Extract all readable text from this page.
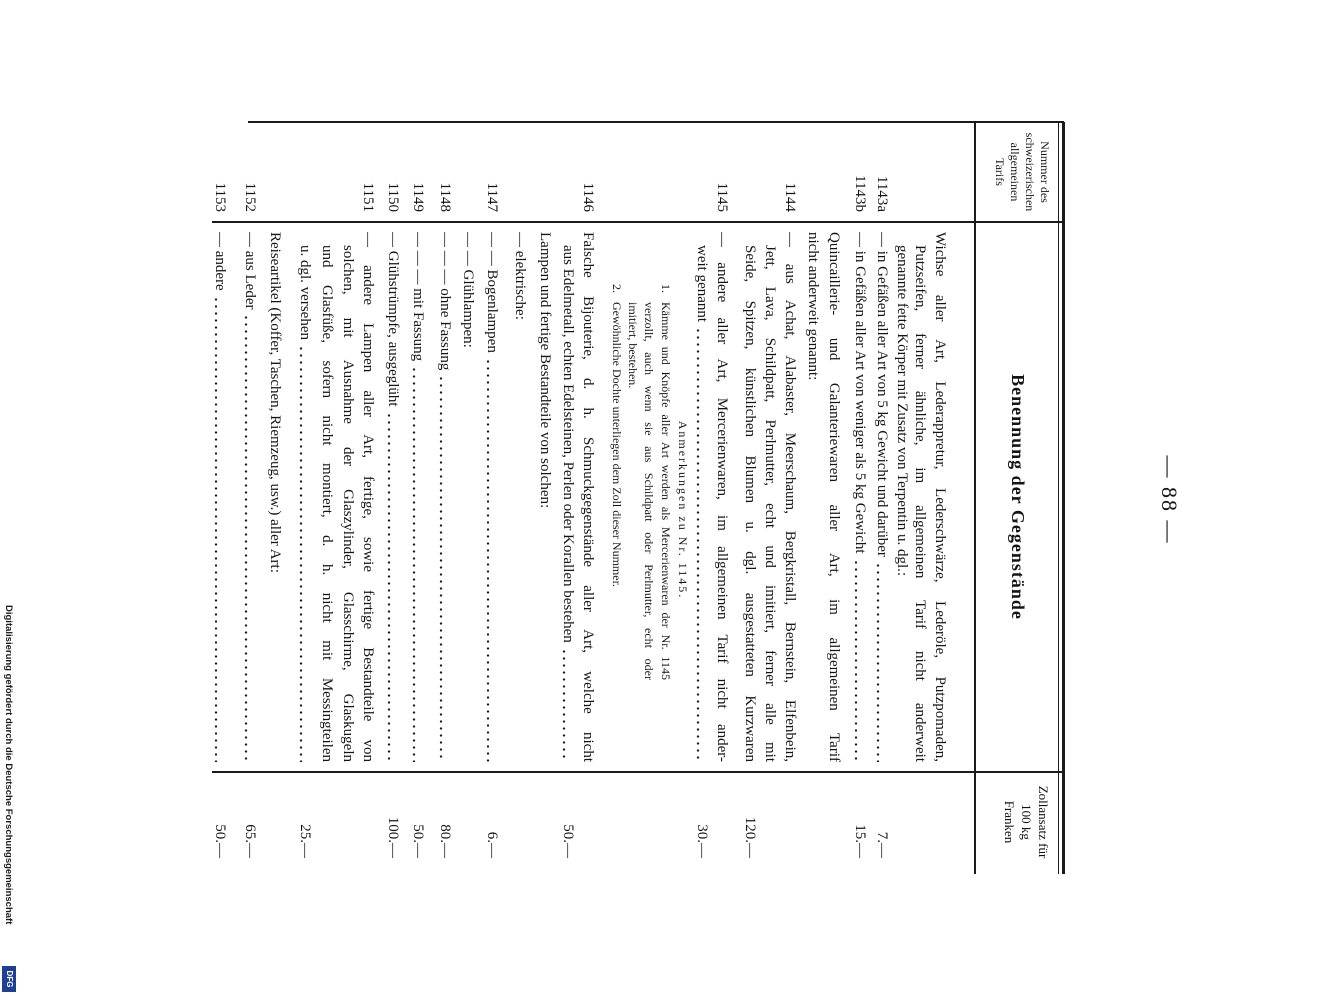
— 88 —
Nummer des
schweizerischen
allgemeinen
Tarifs
Benennung der Gegenstände
Zollansatz für
100 kg
Franken
Wichse aller Art, Lederappretur, Lederschwärze, Lederöle, Putzpomaden,
Putzseifen, ferner ähnliche, im allgemeinen Tarif nicht anderweit
genannte fette Körper mit Zusatz von Terpentin u. dgl.:
1143a
— in Gefäßen aller Art von 5 kg Gewicht und darüber
7.—
1143b
— in Gefäßen aller Art von weniger als 5 kg Gewicht
15.—
Quincaillerie- und Galanteriewaren aller Art, im allgemeinen Tarif
nicht anderweit genannt:
1144
— aus Achat, Alabaster, Meerschaum, Bergkristall, Bernstein, Elfenbein,
Jett, Lava, Schildpatt, Perlmutter, echt und imitiert, ferner alle mit
Seide, Spitzen, künstlichen Blumen u. dgl. ausgestatteten Kurzwaren
120.—
1145
— andere aller Art, Mercerienwaren, im allgemeinen Tarif nicht ander-
weit genannt
30.—
Anmerkungen zu Nr. 1145.
1.
Kämme und Knöpfe aller Art werden als Mercerienwaren der Nr. 1145
verzollt, auch wenn sie aus Schildpatt oder Perlmutter, echt oder
imitiert, bestehen.
2.
Gewöhnliche Dochte unterliegen dem Zoll dieser Nummer.
1146
Falsche Bijouterie, d. h. Schmuckgegenstände aller Art, welche nicht
aus Edelmetall, echten Edelsteinen, Perlen oder Korallen bestehen
50.—
Lampen und fertige Bestandteile von solchen:
— elektrische:
1147
— — Bogenlampen
6.—
— — Glühlampen:
1148
— — — ohne Fassung
80.—
1149
— — — mit Fassung
50.—
1150
— Glühstrümpfe, ausgeglüht
100.—
1151
— andere Lampen aller Art, fertige, sowie fertige Bestandteile von
solchen, mit Ausnahme der Glaszylinder, Glasschirme, Glaskugeln
und Glasfüße, sofern nicht montiert, d. h. nicht mit Messingteilen
u. dgl. versehen
25.—
Reiseartikel (Koffer, Taschen, Riemzeug, usw.) aller Art:
1152
— aus Leder
65.—
1153
— andere
50.—
Digitalisierung gefördert durch die Deutsche Forschungsgemeinschaft
DFG
